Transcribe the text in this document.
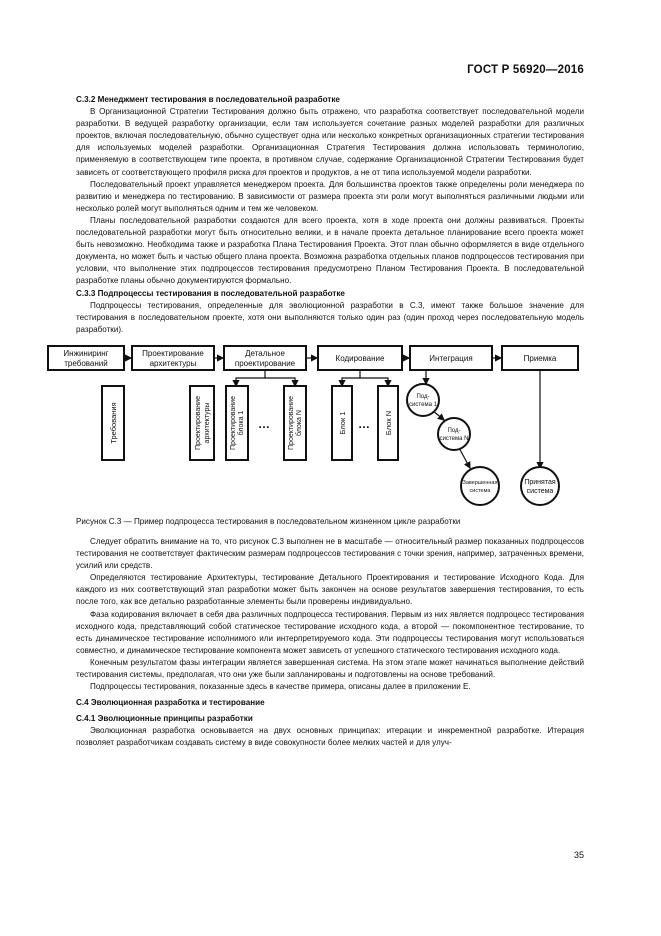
ГОСТ Р 56920—2016
С.3.2 Менеджмент тестирования в последовательной разработке

В Организационной Стратегии Тестирования должно быть отражено, что разработка соответствует последовательной модели разработки. В ведущей разработку организации, если там используется сочетание разных моделей разработки для различных проектов, включая последовательную, обычно существует одна или несколько конкретных организационных стратегии тестирования для используемых моделей разработки. Организационная Стратегия Тестирования должна использовать терминологию, применяемую в соответствующем типе проекта, в противном случае, содержание Организационной Стратегии Тестирования будет зависеть от соответствующего профиля риска для проектов и продуктов, а не от типа используемой модели разработки.

Последовательный проект управляется менеджером проекта. Для большинства проектов также определены роли менеджера по развитию и менеджера по тестированию. В зависимости от размера проекта эти роли могут выполняться различными людьми или несколько ролей могут выполняться одним и тем же человеком.

Планы последовательной разработки создаются для всего проекта, хотя в ходе проекта они должны развиваться. Проекты последовательной разработки могут быть относительно велики, и в начале проекта детальное планирование всего проекта может быть невозможно. Необходима также и разработка Плана Тестирования Проекта. Этот план обычно оформляется в виде отдельного документа, но может быть и частью общего плана проекта. Возможна разработка отдельных планов подпроцессов тестирования при условии, что выполнение этих подпроцессов тестирования предусмотрено Планом Тестирования Проекта. В последовательной разработке планы обычно документируются формально.

С.3.3 Подпроцессы тестирования в последовательной разработке

Подпроцессы тестирования, определенные для эволюционной разработки в С.3, имеют также большое значение для тестирования в последовательном проекте, хотя они выполняются только один раз (один проход через последовательную модель разработки).

Инжиниринг
требований
Проектирование
архитектуры
Детальное
проектирование
Кодирование	Интеграция	Приемка
Требования	Проектирование архитектуры	Проектирование блока 1 …	Проектирование блока N	Блок 1 … Блок N
Под-
система 1
Под-
система N
Завершенная
система
Принятая
система

Рисунок С.3 — Пример подпроцесса тестирования в последовательном жизненном цикле разработки

Следует обратить внимание на то, что рисунок С.3 выполнен не в масштабе — относительный размер показанных подпроцессов тестирования не соответствует фактическим размерам подпроцессов тестирования с точки зрения, например, затраченных времени, усилий или средств.

Определяются тестирование Архитектуры, тестирование Детального Проектирования и тестирование Исходного Кода. Для каждого из них соответствующий этап разработки может быть закончен на основе результатов завершения тестирования, то есть после того, как все детально разработанные элементы были проверены индивидуально.

Фаза кодирования включает в себя два различных подпроцесса тестирования. Первым из них является подпроцесс тестирования исходного кода, представляющий собой статическое тестирование исходного кода, а второй — покомпонентное тестирование, то есть динамическое тестирование исполнимого или интерпретируемого кода. Эти подпроцессы тестирования могут использоваться совместно, и динамическое тестирование компонента может зависеть от успешного статического тестирования исходного кода.

Конечным результатом фазы интеграции является завершенная система. На этом этапе может начинаться выполнение действий тестирования системы, предполагая, что они уже были запланированы и подготовлены на основе требований.

Подпроцессы тестирования, показанные здесь в качестве примера, описаны далее в приложении Е.

С.4 Эволюционная разработка и тестирование
С.4.1 Эволюционные принципы разработки

Эволюционная разработка основывается на двух основных принципах: итерации и инкрементной разработке. Итерация позволяет разработчикам создавать систему в виде совокупности более мелких частей и для улуч-

35
